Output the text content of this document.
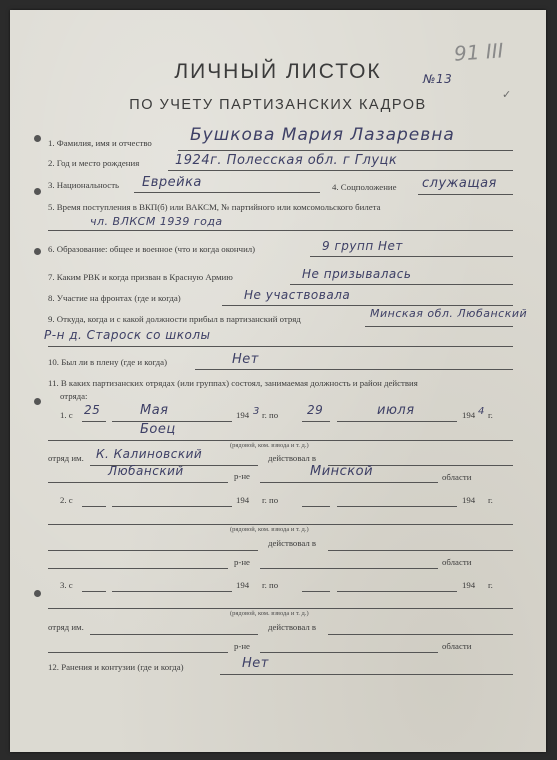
91 III
№13
ЛИЧНЫЙ ЛИСТОК
ПО УЧЕТУ ПАРТИЗАНСКИХ КАДРОВ
1. Фамилия, имя и отчество Бушкова Мария Лазаревна
2. Год и место рождения	1924г. Полесская обл. г Глуцк
3. Национальность Еврейка	4. Соцположение служащая
5. Время поступления в ВКП(б) или ВАКСМ, № партийного или комсомольского билета
чл. ВЛКСМ 1939 года
6. Образование: общее и военное (что и когда окончил)	9 групп Нет
7. Каким РВК и когда призван в Красную Армию	Не призывалась
8. Участие на фронтах (где и когда)	Не участвовала
9. Откуда, когда и с какой должности прибыл в партизанский отряд	Минская обл. Любанский
Р-н д. Староск со школы
10. Был ли в плену (где и когда)	Нет
11. В каких партизанских отрядах (или группах) состоял, занимаемая должность и район действия
отряда:
1. с 25	Мая	194 3 г. по 29	июля	194 4 г.
Боец
(рядовой, ком. взвода и т. д.)
отряд им. К. Калиновский	действовал в
Любанский	р-не	Минской	области
2. с	194 г. по	194 г.
(рядовой, ком. взвода и т. д.)
действовал в
р-не	области
3. с	194 г. по	194 г.
(рядовой, ком. взвода и т. д.)
отряд им.	действовал в
р-не	области
12. Ранения и контузии (где и когда)	Нет
✓
